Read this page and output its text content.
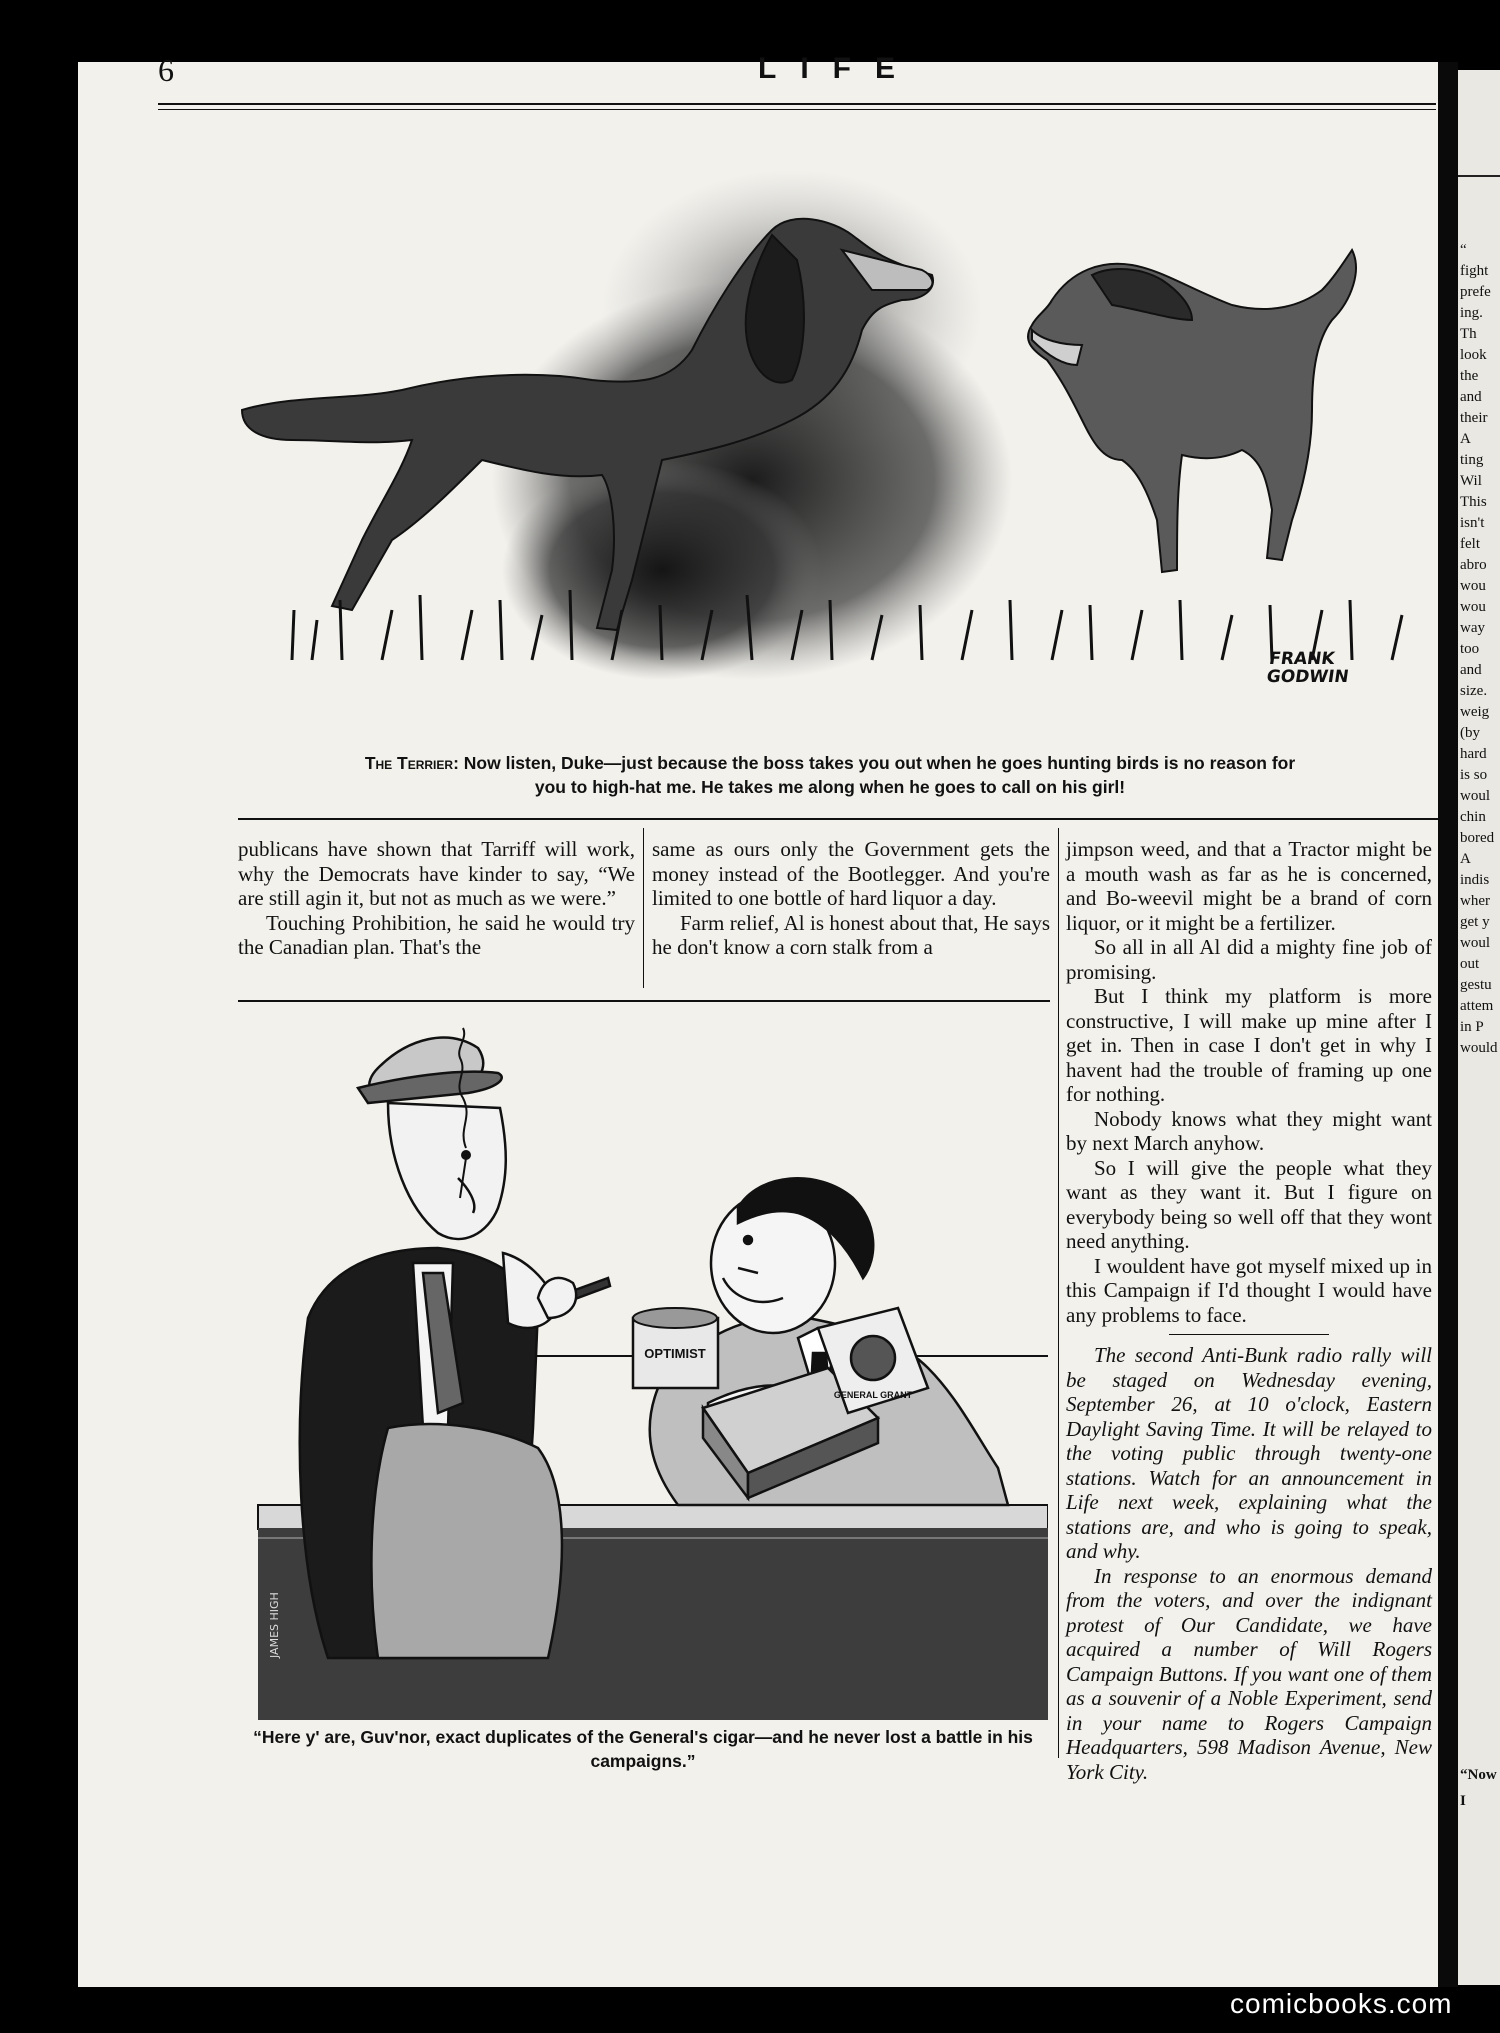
“
fight
prefe
ing.
Th
look
the
and
their
A
ting
Wil
This
isn't
felt
abro
wou
wou
way
too
and
size.
weig
(by
hard
is so
woul
chin
bored
A
indis
wher
get y
woul
out
gestu
attem
in P
would
“Now
I
6	LIFE
FRANK
GODWIN
The Terrier: Now listen, Duke—just because the boss takes you out when he goes hunting birds is no reason for you to high-hat me. He takes me along when he goes to call on his girl!

publicans have shown that Tarriff will work, why the Democrats have kinder to say, “We are still agin it, but not as much as we were.”

Touching Prohibition, he said he would try the Canadian plan. That's the

same as ours only the Government gets the money instead of the Bootlegger. And you're limited to one bottle of hard liquor a day.

Farm relief, Al is honest about that, He says he don't know a corn stalk from a

jimpson weed, and that a Tractor might be a mouth wash as far as he is concerned, and Bo-weevil might be a brand of corn liquor, or it might be a fertilizer.

So all in all Al did a mighty fine job of promising.

But I think my platform is more constructive, I will make up mine after I get in. Then in case I don't get in why I havent had the trouble of framing up one for nothing.

Nobody knows what they might want by next March anyhow.

So I will give the people what they want as they want it. But I figure on everybody being so well off that they wont need anything.

I wouldent have got myself mixed up in this Campaign if I'd thought I would have any problems to face.

The second Anti-Bunk radio rally will be staged on Wednesday evening, September 26, at 10 o'clock, Eastern Daylight Saving Time. It will be relayed to the voting public through twenty-one stations. Watch for an announcement in Life next week, explaining what the stations are, and who is going to speak, and why.

In response to an enormous demand from the voters, and over the indignant protest of Our Candidate, we have acquired a number of Will Rogers Campaign Buttons. If you want one of them as a souvenir of a Noble Experiment, send in your name to Rogers Campaign Headquarters, 598 Madison Avenue, New York City.

OPTIMIST
GENERAL GRANT
JAMES HIGH
“Here y' are, Guv'nor, exact duplicates of the General's cigar—and he never lost a battle in his campaigns.”
comicbooks.com
